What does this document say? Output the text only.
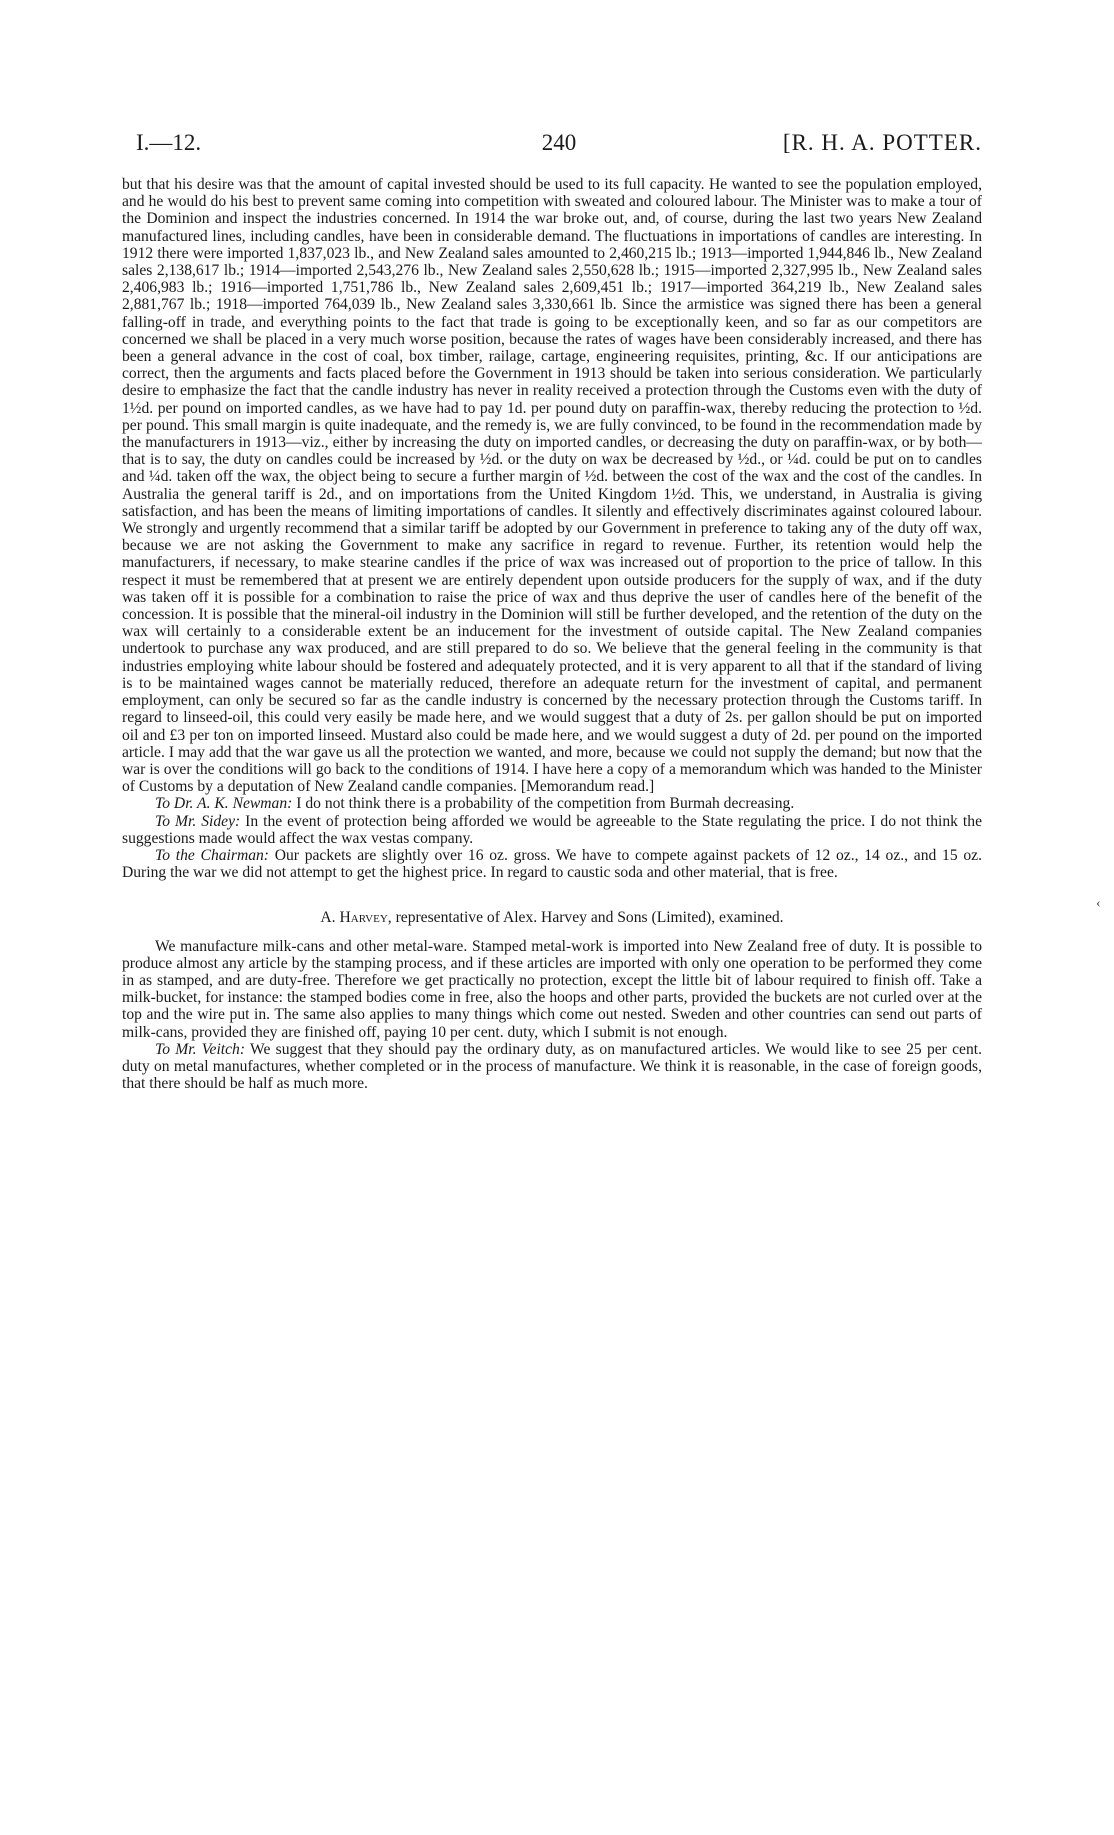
I.—12.	240	[R. H. A. POTTER.

but that his desire was that the amount of capital invested should be used to its full capacity. He wanted to see the population employed, and he would do his best to prevent same coming into competition with sweated and coloured labour. The Minister was to make a tour of the Dominion and inspect the industries concerned. In 1914 the war broke out, and, of course, during the last two years New Zealand manufactured lines, including candles, have been in considerable demand. The fluctuations in importations of candles are interesting. In 1912 there were imported 1,837,023 lb., and New Zealand sales amounted to 2,460,215 lb.; 1913—imported 1,944,846 lb., New Zealand sales 2,138,617 lb.; 1914—imported 2,543,276 lb., New Zealand sales 2,550,628 lb.; 1915—imported 2,327,995 lb., New Zealand sales 2,406,983 lb.; 1916—imported 1,751,786 lb., New Zealand sales 2,609,451 lb.; 1917—imported 364,219 lb., New Zealand sales 2,881,767 lb.; 1918—imported 764,039 lb., New Zealand sales 3,330,661 lb. Since the armistice was signed there has been a general falling-off in trade, and everything points to the fact that trade is going to be exceptionally keen, and so far as our competitors are concerned we shall be placed in a very much worse position, because the rates of wages have been considerably increased, and there has been a general advance in the cost of coal, box timber, railage, cartage, engineering requisites, printing, &c. If our anticipations are correct, then the arguments and facts placed before the Government in 1913 should be taken into serious consideration. We particularly desire to emphasize the fact that the candle industry has never in reality received a protection through the Customs even with the duty of 1½d. per pound on imported candles, as we have had to pay 1d. per pound duty on paraffin-wax, thereby reducing the protection to ½d. per pound. This small margin is quite inadequate, and the remedy is, we are fully convinced, to be found in the recommendation made by the manufacturers in 1913—viz., either by increasing the duty on imported candles, or decreasing the duty on paraffin-wax, or by both—that is to say, the duty on candles could be increased by ½d. or the duty on wax be decreased by ½d., or ¼d. could be put on to candles and ¼d. taken off the wax, the object being to secure a further margin of ½d. between the cost of the wax and the cost of the candles. In Australia the general tariff is 2d., and on importations from the United Kingdom 1½d. This, we understand, in Australia is giving satisfaction, and has been the means of limiting importations of candles. It silently and effectively discriminates against coloured labour. We strongly and urgently recommend that a similar tariff be adopted by our Government in preference to taking any of the duty off wax, because we are not asking the Government to make any sacrifice in regard to revenue. Further, its retention would help the manufacturers, if necessary, to make stearine candles if the price of wax was increased out of proportion to the price of tallow. In this respect it must be remembered that at present we are entirely dependent upon outside producers for the supply of wax, and if the duty was taken off it is possible for a combination to raise the price of wax and thus deprive the user of candles here of the benefit of the concession. It is possible that the mineral-oil industry in the Dominion will still be further developed, and the retention of the duty on the wax will certainly to a considerable extent be an inducement for the investment of outside capital. The New Zealand companies undertook to purchase any wax produced, and are still prepared to do so. We believe that the general feeling in the community is that industries employing white labour should be fostered and adequately protected, and it is very apparent to all that if the standard of living is to be maintained wages cannot be materially reduced, therefore an adequate return for the investment of capital, and permanent employment, can only be secured so far as the candle industry is concerned by the necessary protection through the Customs tariff. In regard to linseed-oil, this could very easily be made here, and we would suggest that a duty of 2s. per gallon should be put on imported oil and £3 per ton on imported linseed. Mustard also could be made here, and we would suggest a duty of 2d. per pound on the imported article. I may add that the war gave us all the protection we wanted, and more, because we could not supply the demand; but now that the war is over the conditions will go back to the conditions of 1914. I have here a copy of a memorandum which was handed to the Minister of Customs by a deputation of New Zealand candle companies. [Memorandum read.]

To Dr. A. K. Newman: I do not think there is a probability of the competition from Burmah decreasing.

To Mr. Sidey: In the event of protection being afforded we would be agreeable to the State regulating the price. I do not think the suggestions made would affect the wax vestas company.

To the Chairman: Our packets are slightly over 16 oz. gross. We have to compete against packets of 12 oz., 14 oz., and 15 oz. During the war we did not attempt to get the highest price. In regard to caustic soda and other material, that is free.

A. Harvey, representative of Alex. Harvey and Sons (Limited), examined.

We manufacture milk-cans and other metal-ware. Stamped metal-work is imported into New Zealand free of duty. It is possible to produce almost any article by the stamping process, and if these articles are imported with only one operation to be performed they come in as stamped, and are duty-free. Therefore we get practically no protection, except the little bit of labour required to finish off. Take a milk-bucket, for instance: the stamped bodies come in free, also the hoops and other parts, provided the buckets are not curled over at the top and the wire put in. The same also applies to many things which come out nested. Sweden and other countries can send out parts of milk-cans, provided they are finished off, paying 10 per cent. duty, which I submit is not enough.

To Mr. Veitch: We suggest that they should pay the ordinary duty, as on manufactured articles. We would like to see 25 per cent. duty on metal manufactures, whether completed or in the process of manufacture. We think it is reasonable, in the case of foreign goods, that there should be half as much more.

‹
